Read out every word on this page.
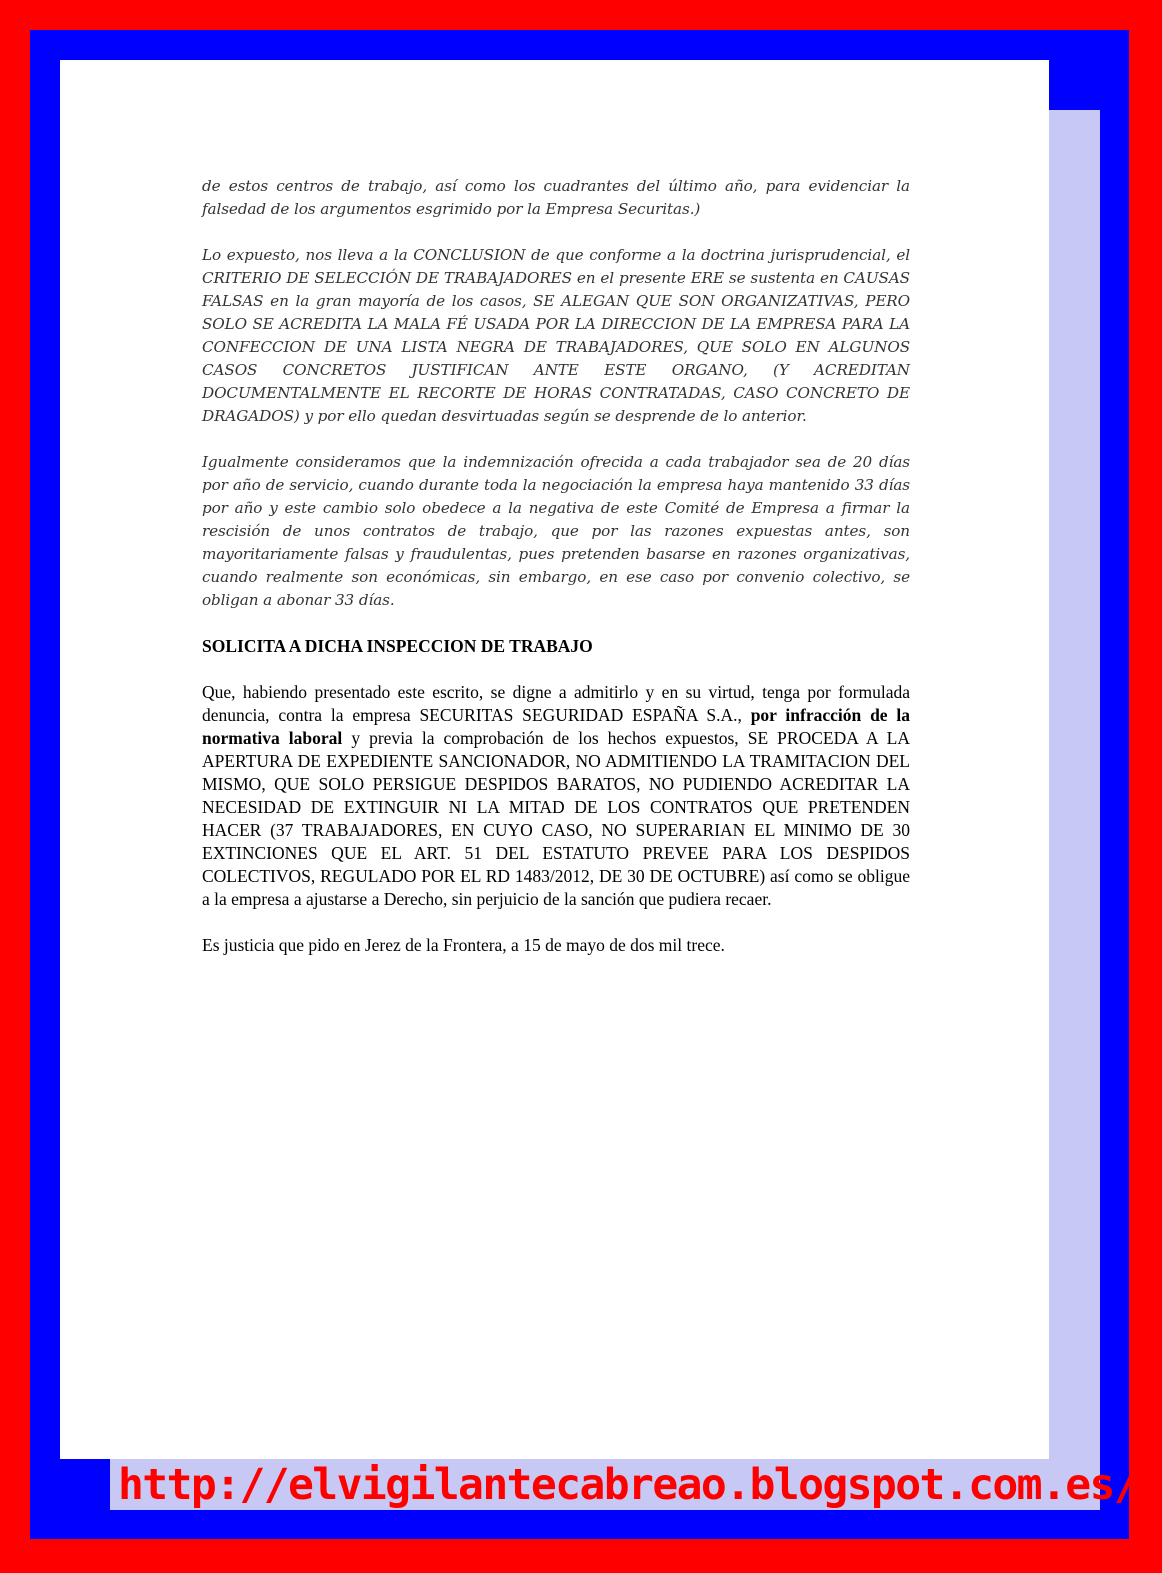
de estos centros de trabajo, así como los cuadrantes del último año, para evidenciar la falsedad de los argumentos esgrimido por la Empresa Securitas.)

Lo expuesto, nos lleva a la CONCLUSION de que conforme a la doctrina jurisprudencial, el CRITERIO DE SELECCIÓN DE TRABAJADORES en el presente ERE se sustenta en CAUSAS FALSAS en la gran mayoría de los casos, SE ALEGAN QUE SON ORGANIZATIVAS, PERO SOLO SE ACREDITA LA MALA FÉ USADA POR LA DIRECCION DE LA EMPRESA PARA LA CONFECCION DE UNA LISTA NEGRA DE TRABAJADORES, QUE SOLO EN ALGUNOS CASOS CONCRETOS JUSTIFICAN ANTE ESTE ORGANO, (Y ACREDITAN DOCUMENTALMENTE EL RECORTE DE HORAS CONTRATADAS, CASO CONCRETO DE DRAGADOS) y por ello quedan desvirtuadas según se desprende de lo anterior.

Igualmente consideramos que la indemnización ofrecida a cada trabajador sea de 20 días por año de servicio, cuando durante toda la negociación la empresa haya mantenido 33 días por año y este cambio solo obedece a la negativa de este Comité de Empresa a firmar la rescisión de unos contratos de trabajo, que por las razones expuestas antes, son mayoritariamente falsas y fraudulentas, pues pretenden basarse en razones organizativas, cuando realmente son económicas, sin embargo, en ese caso por convenio colectivo, se obligan a abonar 33 días.

SOLICITA A DICHA INSPECCION DE TRABAJO

Que, habiendo presentado este escrito, se digne a admitirlo y en su virtud, tenga por formulada denuncia, contra la empresa SECURITAS SEGURIDAD ESPAÑA S.A., por infracción de la normativa laboral y previa la comprobación de los hechos expuestos, SE PROCEDA A LA APERTURA DE EXPEDIENTE SANCIONADOR, NO ADMITIENDO LA TRAMITACION DEL MISMO, QUE SOLO PERSIGUE DESPIDOS BARATOS, NO PUDIENDO ACREDITAR LA NECESIDAD DE EXTINGUIR NI LA MITAD DE LOS CONTRATOS QUE PRETENDEN HACER (37 TRABAJADORES, EN CUYO CASO, NO SUPERARIAN EL MINIMO DE 30 EXTINCIONES QUE EL ART. 51 DEL ESTATUTO PREVEE PARA LOS DESPIDOS COLECTIVOS, REGULADO POR EL RD 1483/2012, DE 30 DE OCTUBRE) así como se obligue a la empresa a ajustarse a Derecho, sin perjuicio de la sanción que pudiera recaer.

Es justicia que pido en Jerez de la Frontera, a 15 de mayo de dos mil trece.

http://elvigilantecabreao.blogspot.com.es/
